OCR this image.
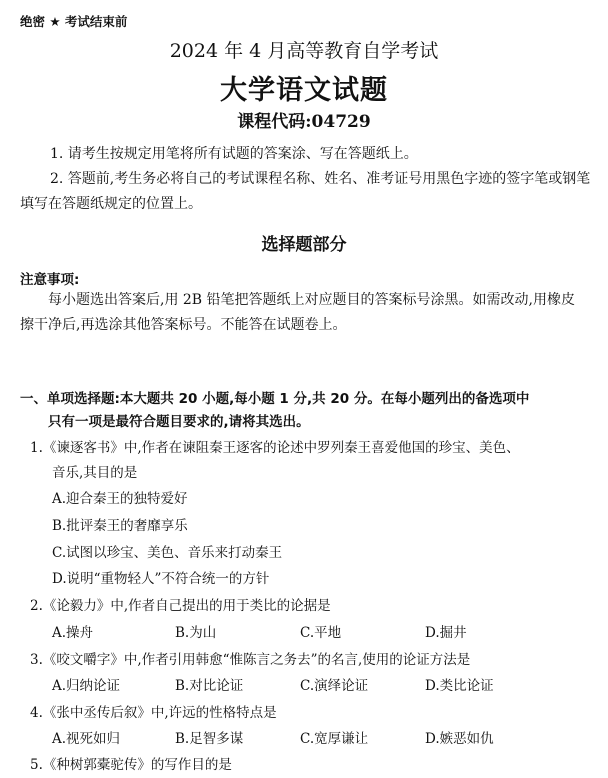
绝密 ★ 考试结束前
2024 年 4 月高等教育自学考试
大学语文试题
课程代码:04729
1. 请考生按规定用笔将所有试题的答案涂、写在答题纸上。
2. 答题前,考生务必将自己的考试课程名称、姓名、准考证号用黑色字迹的签字笔或钢笔
填写在答题纸规定的位置上。
选择题部分
注意事项:
每小题选出答案后,用 2B 铅笔把答题纸上对应题目的答案标号涂黑。如需改动,用橡皮
擦干净后,再选涂其他答案标号。不能答在试题卷上。
一、单项选择题:本大题共 20 小题,每小题 1 分,共 20 分。在每小题列出的备选项中
只有一项是最符合题目要求的,请将其选出。
1.《谏逐客书》中,作者在谏阻秦王逐客的论述中罗列秦王喜爱他国的珍宝、美色、
音乐,其目的是
A.迎合秦王的独特爱好
B.批评秦王的奢靡享乐
C.试图以珍宝、美色、音乐来打动秦王
D.说明“重物轻人”不符合统一的方针
2.《论毅力》中,作者自己提出的用于类比的论据是
A.操舟	B.为山	C.平地	D.掘井
3.《咬文嚼字》中,作者引用韩愈“惟陈言之务去”的名言,使用的论证方法是
A.归纳论证	B.对比论证	C.演绎论证	D.类比论证
4.《张中丞传后叙》中,许远的性格特点是
A.视死如归	B.足智多谋	C.宽厚谦让	D.嫉恶如仇
5.《种树郭橐驼传》的写作目的是
